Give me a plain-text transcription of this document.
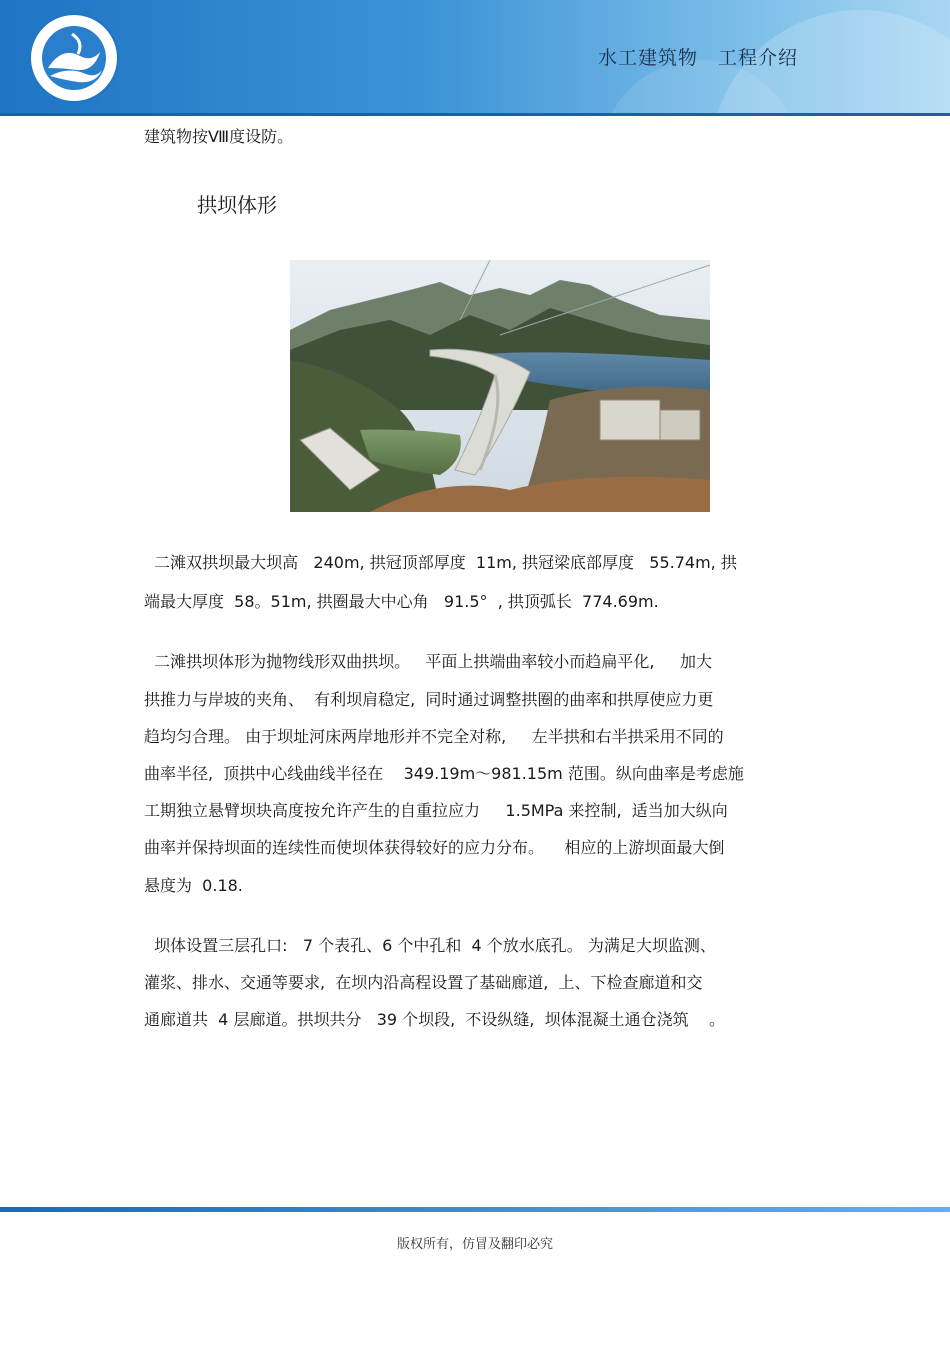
水工建筑物　工程介绍
建筑物按Ⅷ度设防。
拱坝体形
二滩双拱坝最大坝高   240m, 拱冠顶部厚度  11m, 拱冠梁底部厚度   55.74m, 拱
端最大厚度  58。51m, 拱圈最大中心角   91.5°  , 拱顶弧长  774.69m.
二滩拱坝体形为抛物线形双曲拱坝。   平面上拱端曲率较小而趋扁平化,     加大
拱推力与岸坡的夹角、  有利坝肩稳定,  同时通过调整拱圈的曲率和拱厚使应力更
趋均匀合理。 由于坝址河床两岸地形并不完全对称,     左半拱和右半拱采用不同的
曲率半径,  顶拱中心线曲线半径在    349.19m～981.15m 范围。纵向曲率是考虑施
工期独立悬臂坝块高度按允许产生的自重拉应力     1.5MPa 来控制,  适当加大纵向
曲率并保持坝面的连续性而使坝体获得较好的应力分布。    相应的上游坝面最大倒
悬度为  0.18.
坝体设置三层孔口:   7 个表孔、6 个中孔和  4 个放水底孔。 为满足大坝监测、
灌浆、排水、交通等要求,  在坝内沿高程设置了基础廊道,  上、下检查廊道和交
通廊道共  4 层廊道。拱坝共分   39 个坝段,  不设纵缝,  坝体混凝土通仓浇筑    。
版权所有，仿冒及翻印必究
